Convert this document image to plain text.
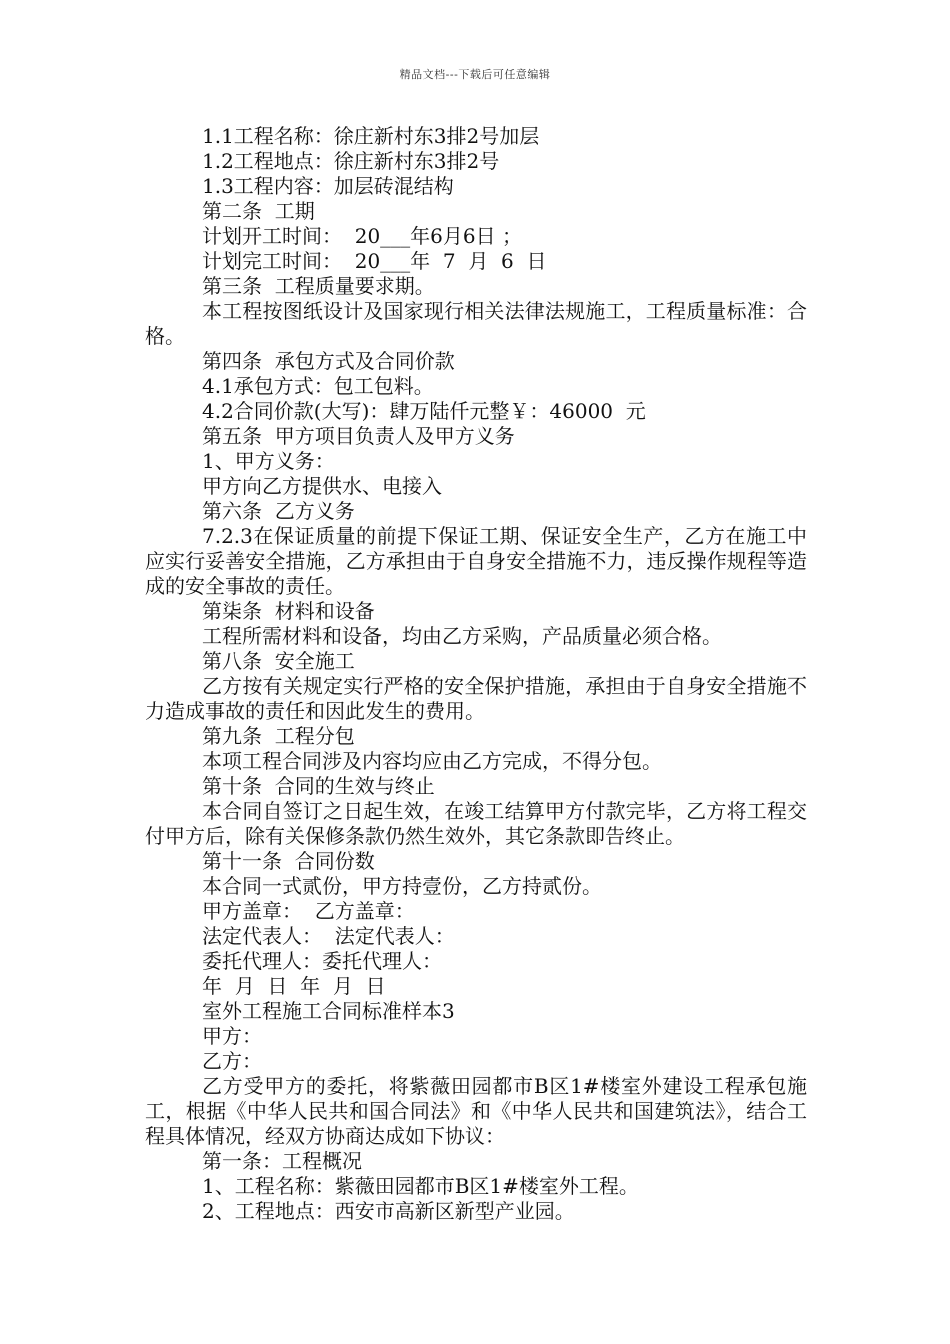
精品文档---下载后可任意编辑
1.1工程名称：徐庄新村东3排2号加层
1.2工程地点：徐庄新村东3排2号
1.3工程内容：加层砖混结构
第二条  工期
计划开工时间：  20___年6月6日 ；
计划完工时间：  20___年  7  月  6  日
第三条  工程质量要求期。

本工程按图纸设计及国家现行相关法律法规施工，工程质量标准：合格。

第四条  承包方式及合同价款
4.1承包方式：包工包料。
4.2合同价款(大写)：肆万陆仟元整￥：46000  元
第五条  甲方项目负责人及甲方义务
1、甲方义务：
甲方向乙方提供水、电接入
第六条  乙方义务

7.2.3在保证质量的前提下保证工期、保证安全生产，乙方在施工中应实行妥善安全措施，乙方承担由于自身安全措施不力，违反操作规程等造成的安全事故的责任。

第柒条  材料和设备
工程所需材料和设备，均由乙方采购，产品质量必须合格。
第八条  安全施工

乙方按有关规定实行严格的安全保护措施，承担由于自身安全措施不力造成事故的责任和因此发生的费用。

第九条  工程分包
本项工程合同涉及内容均应由乙方完成，不得分包。
第十条  合同的生效与终止

本合同自签订之日起生效，在竣工结算甲方付款完毕，乙方将工程交付甲方后，除有关保修条款仍然生效外，其它条款即告终止。

第十一条  合同份数
本合同一式贰份，甲方持壹份，乙方持贰份。
甲方盖章：  乙方盖章：
法定代表人：  法定代表人：
委托代理人：委托代理人：
年  月  日  年  月  日
室外工程施工合同标准样本3
甲方：
乙方：

乙方受甲方的委托，将紫薇田园都市B区1#楼室外建设工程承包施工，根据《中华人民共和国合同法》和《中华人民共和国建筑法》，结合工程具体情况，经双方协商达成如下协议：

第一条：工程概况
1、工程名称：紫薇田园都市B区1#楼室外工程。
2、工程地点：西安市高新区新型产业园。
